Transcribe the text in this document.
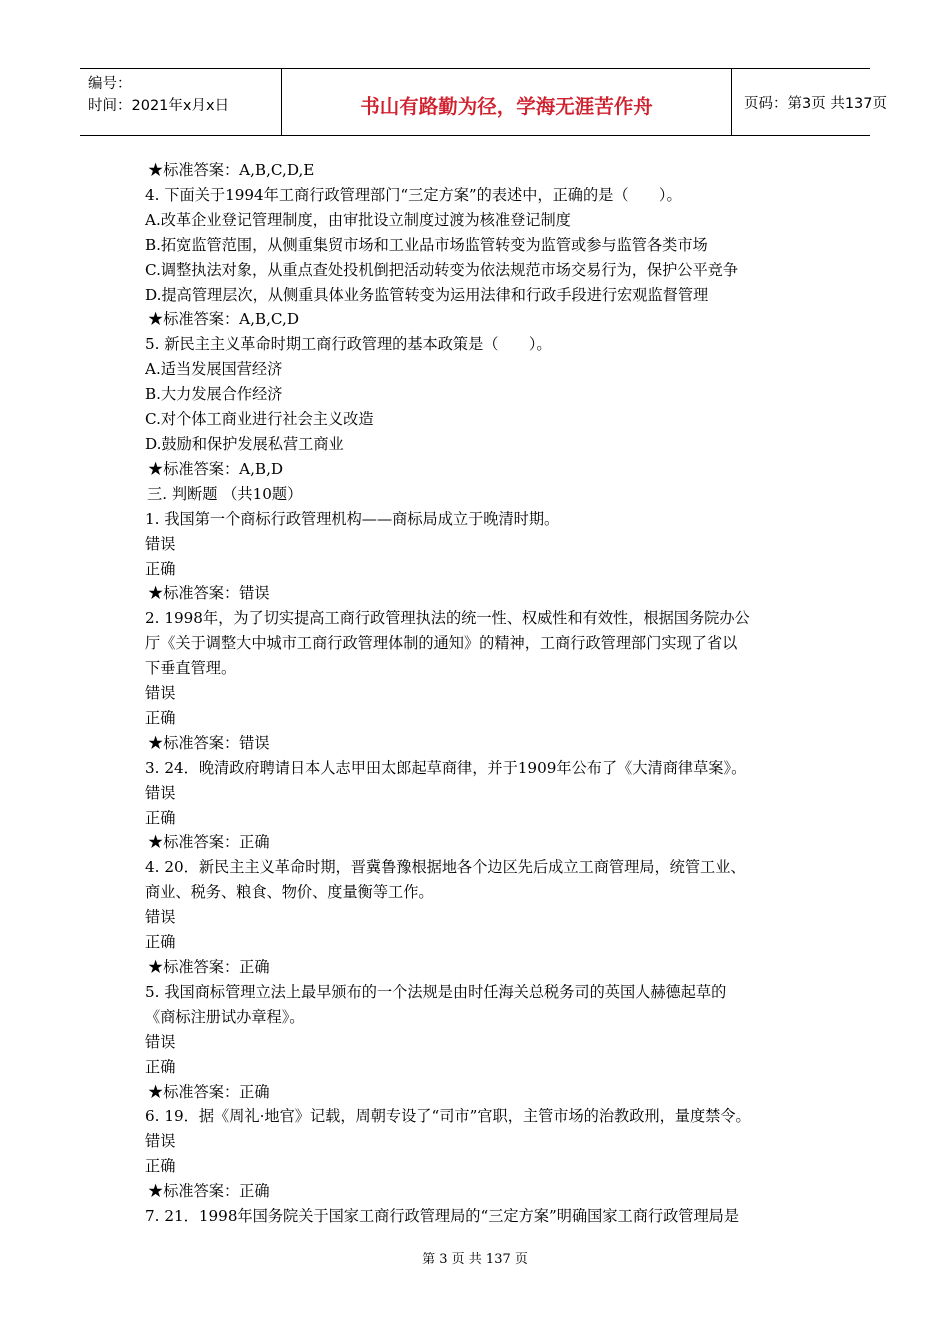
编号：
时间：2021年x月x日	书山有路勤为径，学海无涯苦作舟	页码：第3页 共137页
★标准答案：A,B,C,D,E
4. 下面关于1994年工商行政管理部门“三定方案”的表述中，正确的是（　　）。
A.改革企业登记管理制度，由审批设立制度过渡为核准登记制度
B.拓宽监管范围，从侧重集贸市场和工业品市场监管转变为监管或参与监管各类市场
C.调整执法对象，从重点查处投机倒把活动转变为依法规范市场交易行为，保护公平竞争
D.提高管理层次，从侧重具体业务监管转变为运用法律和行政手段进行宏观监督管理
★标准答案：A,B,C,D
5. 新民主主义革命时期工商行政管理的基本政策是（　　）。
A.适当发展国营经济
B.大力发展合作经济
C.对个体工商业进行社会主义改造
D.鼓励和保护发展私营工商业
★标准答案：A,B,D
三. 判断题 （共10题）
1. 我国第一个商标行政管理机构——商标局成立于晚清时期。
错误
正确
★标准答案：错误
2. 1998年，为了切实提高工商行政管理执法的统一性、权威性和有效性，根据国务院办公
厅《关于调整大中城市工商行政管理体制的通知》的精神，工商行政管理部门实现了省以
下垂直管理。
错误
正确
★标准答案：错误
3. 24．晚清政府聘请日本人志甲田太郎起草商律，并于1909年公布了《大清商律草案》。
错误
正确
★标准答案：正确
4. 20．新民主主义革命时期，晋冀鲁豫根据地各个边区先后成立工商管理局，统管工业、
商业、税务、粮食、物价、度量衡等工作。
错误
正确
★标准答案：正确
5. 我国商标管理立法上最早颁布的一个法规是由时任海关总税务司的英国人赫德起草的
《商标注册试办章程》。
错误
正确
★标准答案：正确
6. 19．据《周礼·地官》记载，周朝专设了“司市”官职，主管市场的治教政刑，量度禁令。
错误
正确
★标准答案：正确
7. 21．1998年国务院关于国家工商行政管理局的“三定方案”明确国家工商行政管理局是
第 3 页 共 137 页
